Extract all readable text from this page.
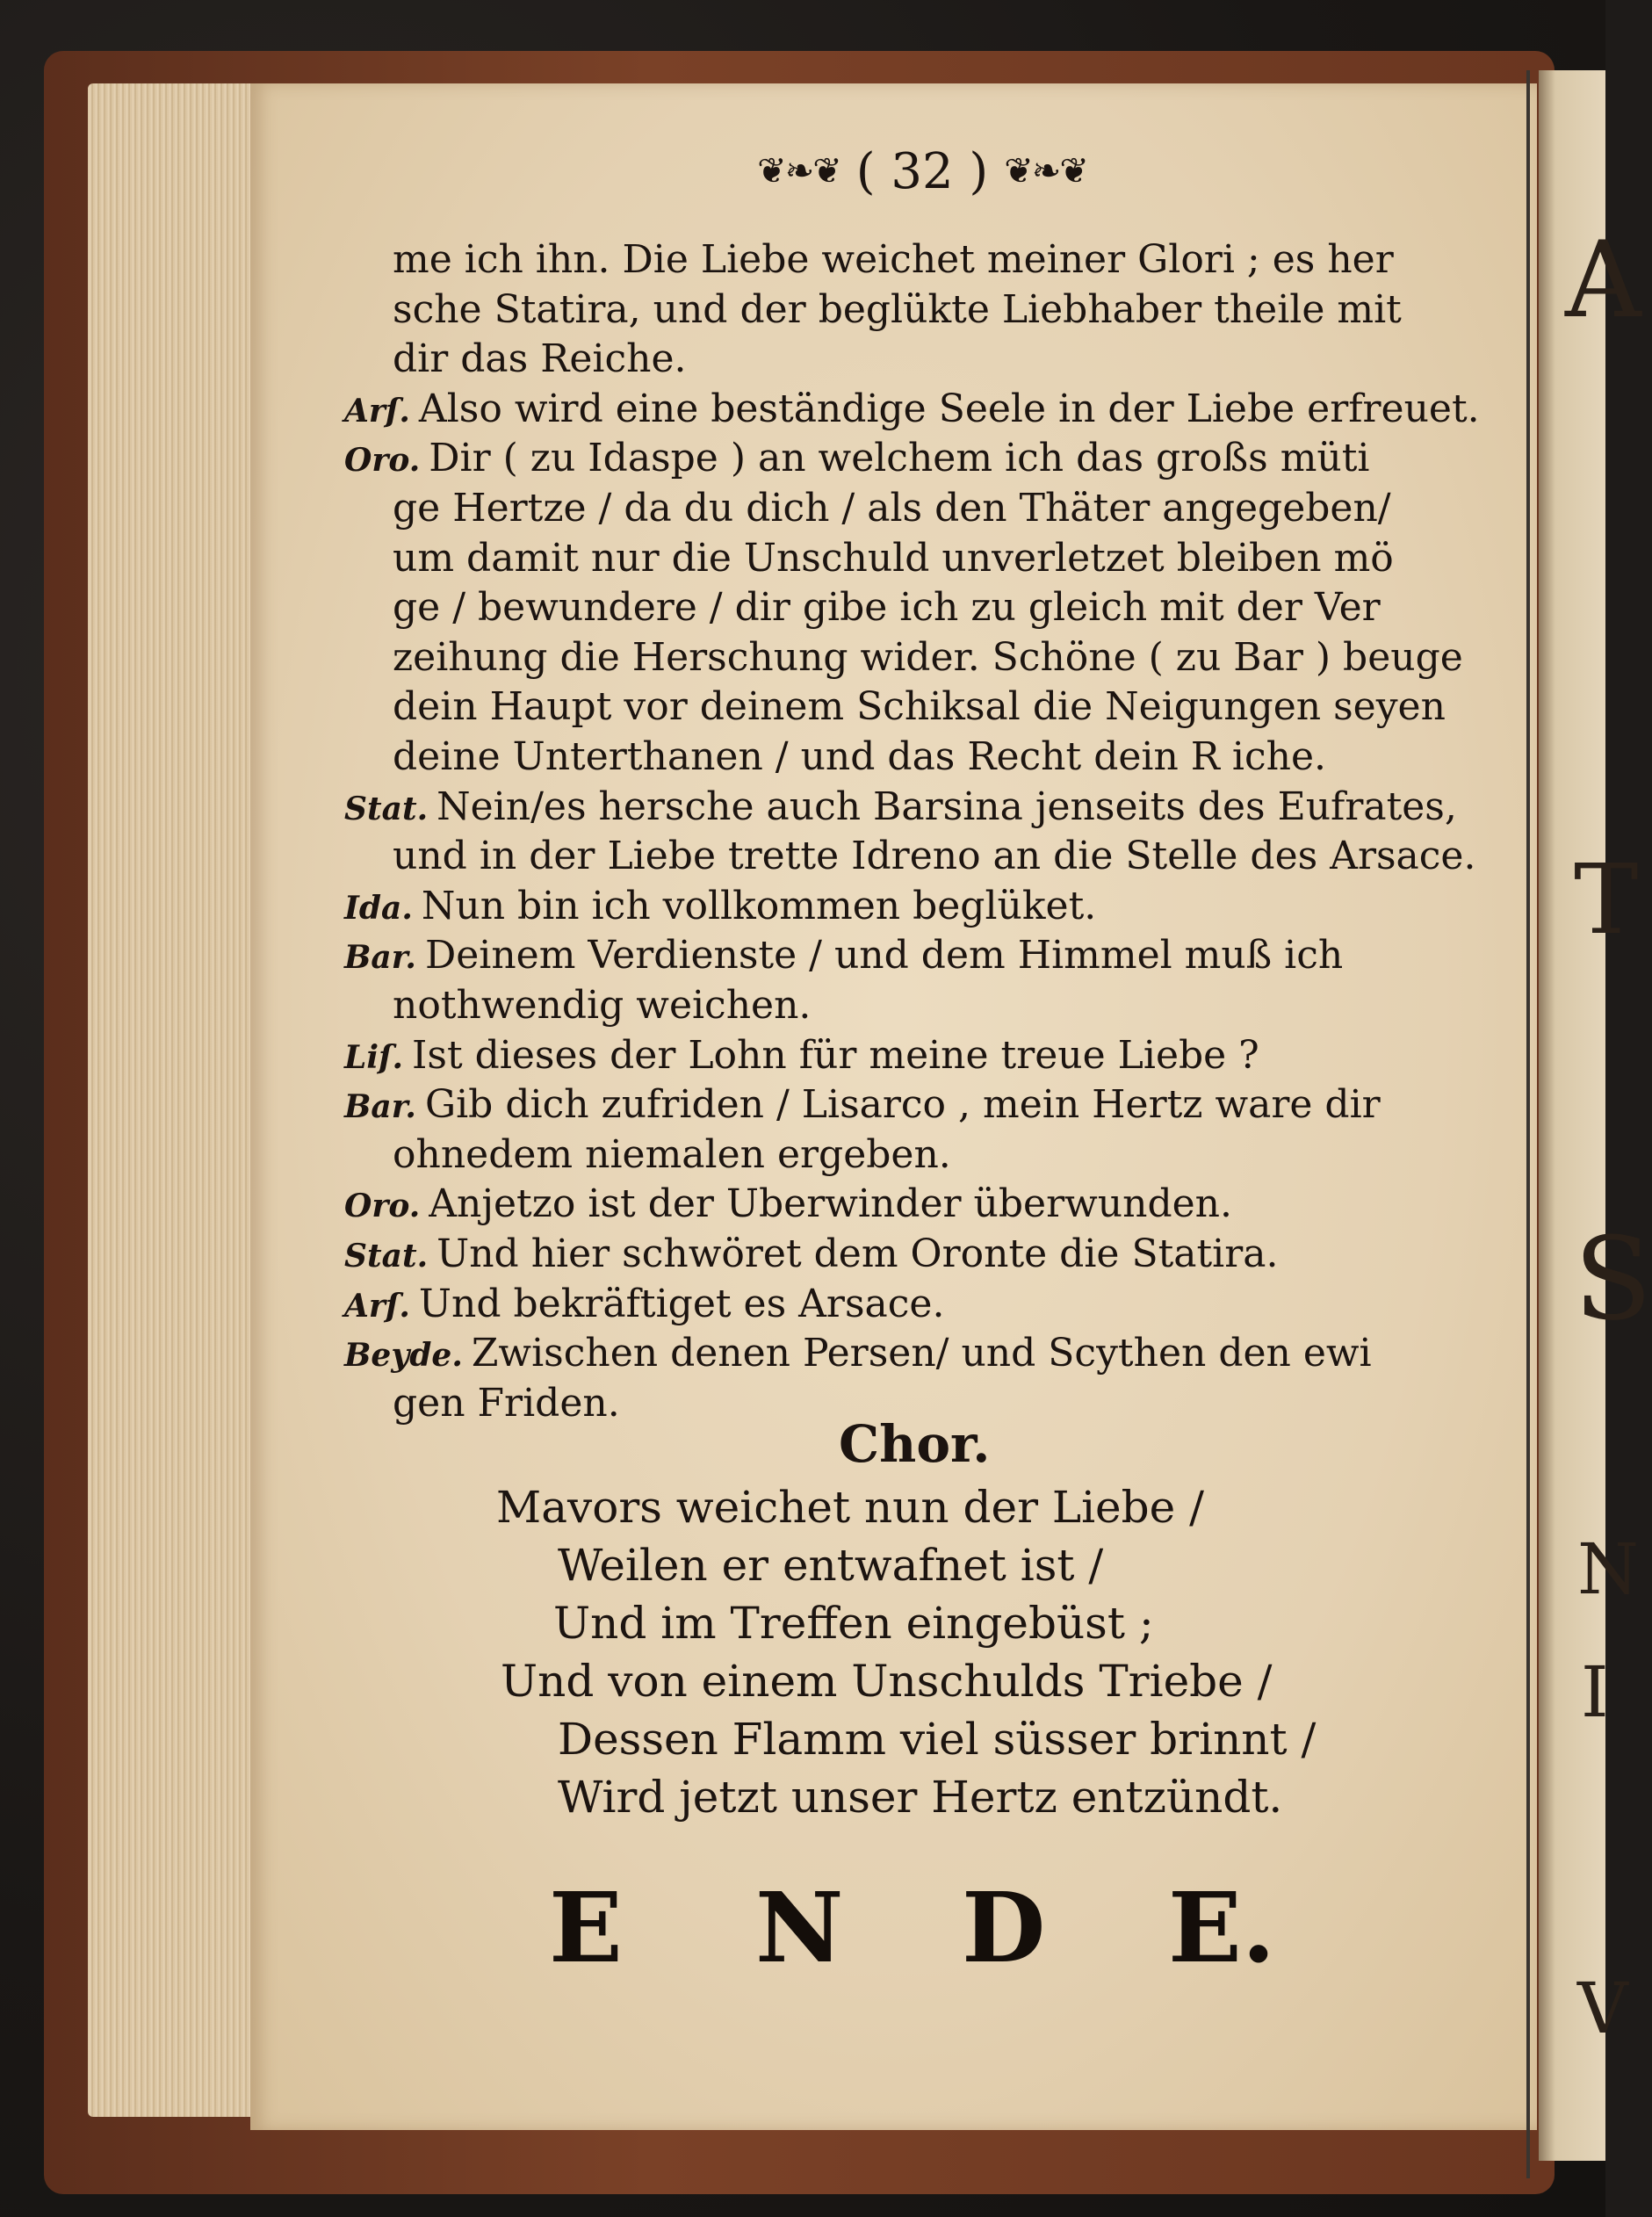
A
T
S
N
I
V
❦❧❦ ( 32 ) ❦❧❦
me ich ihn. Die Liebe weichet meiner Glori ; es her
sche Statira, und der beglükte Liebhaber theile mit
dir das Reiche.
Arſ. Also wird eine beständige Seele in der Liebe erfreuet.
Oro. Dir ( zu Idaspe ) an welchem ich das großs müti
ge Hertze / da du dich / als den Thäter angegeben/
um damit nur die Unschuld unverletzet bleiben mö
ge / bewundere / dir gibe ich zu gleich mit der Ver
zeihung die Herschung wider. Schöne ( zu Bar ) beuge
dein Haupt vor deinem Schiksal die Neigungen seyen
deine Unterthanen / und das Recht dein R iche.
Stat. Nein/es hersche auch Barsina jenseits des Eufrates,
und in der Liebe trette Idreno an die Stelle des Arsace.
Ida. Nun bin ich vollkommen beglüket.
Bar. Deinem Verdienste / und dem Himmel muß ich
nothwendig weichen.
Liſ. Ist dieses der Lohn für meine treue Liebe ?
Bar. Gib dich zufriden / Lisarco , mein Hertz ware dir
ohnedem niemalen ergeben.
Oro. Anjetzo ist der Uberwinder überwunden.
Stat. Und hier schwöret dem Oronte die Statira.
Arſ. Und bekräftiget es Arsace.
Beyde. Zwischen denen Persen/ und Scythen den ewi
gen Friden.
Chor.
Mavors weichet nun der Liebe /
Weilen er entwafnet ist /
Und im Treffen eingebüst ;
Und von einem Unschulds Triebe /
Dessen Flamm viel süsser brinnt /
Wird jetzt unser Hertz entzündt.
E N D E.
